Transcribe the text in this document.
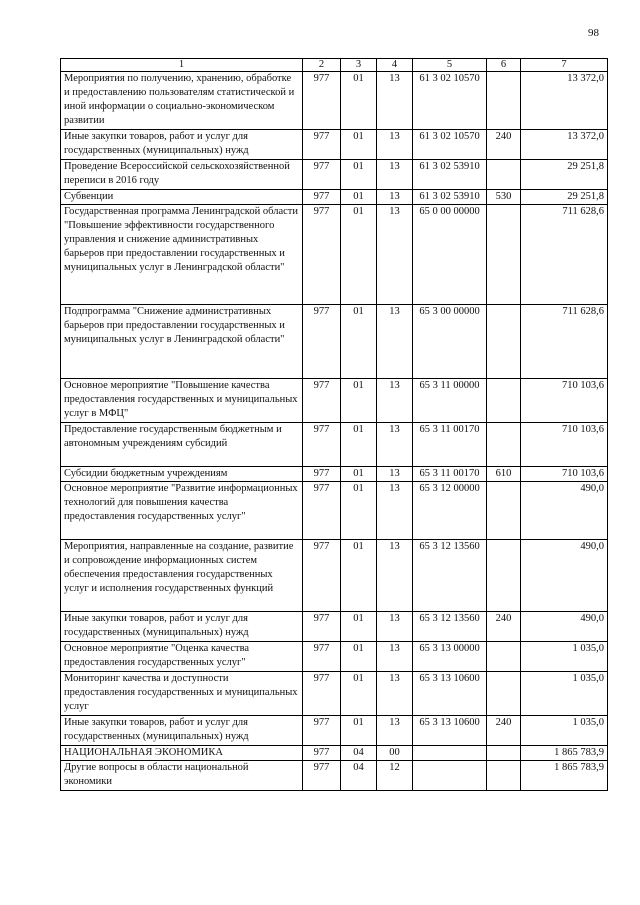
98
1	2	3	4	5	6	7
Мероприятия по получению, хранению, обработке и предоставлению пользователям статистической и иной информации о социально-экономическом развитии	977	01	13	61 3 02 10570		13 372,0
Иные закупки товаров, работ и услуг для государственных (муниципальных) нужд	977	01	13	61 3 02 10570	240	13 372,0
Проведение Всероссийской сельскохозяйственной переписи в 2016 году	977	01	13	61 3 02 53910		29 251,8
Субвенции	977	01	13	61 3 02 53910	530	29 251,8
Государственная программа Ленинградской области "Повышение эффективности государственного управления и снижение административных барьеров при предоставлении государственных и муниципальных услуг в Ленинградской области"	977	01	13	65 0 00 00000		711 628,6
Подпрограмма "Снижение административных барьеров при предоставлении государственных и муниципальных услуг в Ленинградской области"	977	01	13	65 3 00 00000		711 628,6
Основное мероприятие "Повышение качества предоставления государственных и муниципальных услуг в МФЦ"	977	01	13	65 3 11 00000		710 103,6
Предоставление государственным бюджетным и автономным учреждениям субсидий	977	01	13	65 3 11 00170		710 103,6
Субсидии бюджетным учреждениям	977	01	13	65 3 11 00170	610	710 103,6
Основное мероприятие "Развитие информационных технологий для повышения качества предоставления государственных услуг"	977	01	13	65 3 12 00000		490,0
Мероприятия, направленные на создание, развитие и сопровождение информационных систем обеспечения предоставления государственных услуг и исполнения государственных функций	977	01	13	65 3 12 13560		490,0
Иные закупки товаров, работ и услуг для государственных (муниципальных) нужд	977	01	13	65 3 12 13560	240	490,0
Основное мероприятие "Оценка качества предоставления государственных услуг"	977	01	13	65 3 13 00000		1 035,0
Мониторинг качества и доступности предоставления государственных и муниципальных услуг	977	01	13	65 3 13 10600		1 035,0
Иные закупки товаров, работ и услуг для государственных (муниципальных) нужд	977	01	13	65 3 13 10600	240	1 035,0
НАЦИОНАЛЬНАЯ ЭКОНОМИКА	977	04	00			1 865 783,9
Другие вопросы в области национальной экономики	977	04	12			1 865 783,9
